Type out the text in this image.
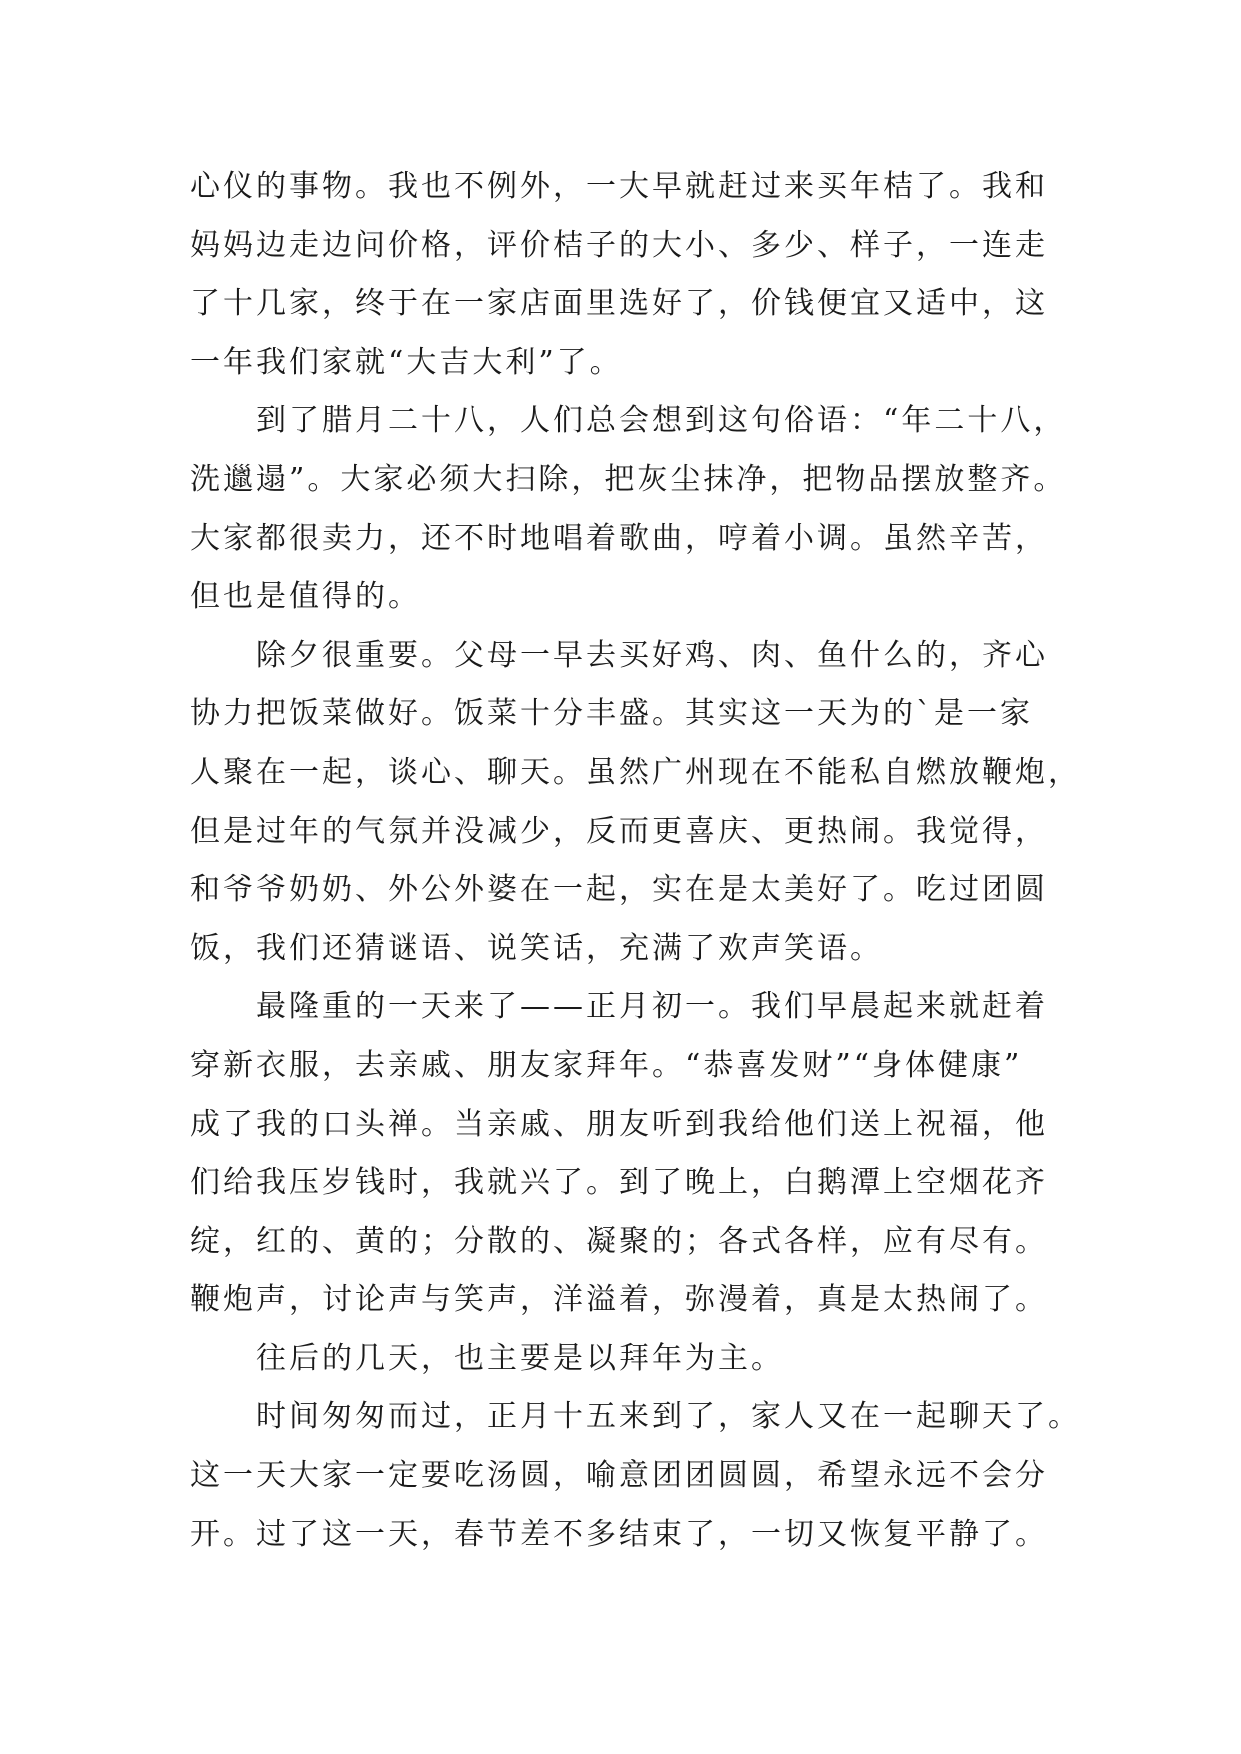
心仪的事物。我也不例外，一大早就赶过来买年桔了。我和
妈妈边走边问价格，评价桔子的大小、多少、样子，一连走
了十几家，终于在一家店面里选好了，价钱便宜又适中，这
一年我们家就“大吉大利”了。
到了腊月二十八，人们总会想到这句俗语：“年二十八，
洗邋遢”。大家必须大扫除，把灰尘抹净，把物品摆放整齐。
大家都很卖力，还不时地唱着歌曲，哼着小调。虽然辛苦，
但也是值得的。
除夕很重要。父母一早去买好鸡、肉、鱼什么的，齐心
协力把饭菜做好。饭菜十分丰盛。其实这一天为的`是一家
人聚在一起，谈心、聊天。虽然广州现在不能私自燃放鞭炮，
但是过年的气氛并没减少，反而更喜庆、更热闹。我觉得，
和爷爷奶奶、外公外婆在一起，实在是太美好了。吃过团圆
饭，我们还猜谜语、说笑话，充满了欢声笑语。
最隆重的一天来了——正月初一。我们早晨起来就赶着
穿新衣服，去亲戚、朋友家拜年。“恭喜发财”“身体健康”
成了我的口头禅。当亲戚、朋友听到我给他们送上祝福，他
们给我压岁钱时，我就兴了。到了晚上，白鹅潭上空烟花齐
绽，红的、黄的；分散的、凝聚的；各式各样，应有尽有。
鞭炮声，讨论声与笑声，洋溢着，弥漫着，真是太热闹了。
往后的几天，也主要是以拜年为主。
时间匆匆而过，正月十五来到了，家人又在一起聊天了。
这一天大家一定要吃汤圆，喻意团团圆圆，希望永远不会分
开。过了这一天，春节差不多结束了，一切又恢复平静了。
